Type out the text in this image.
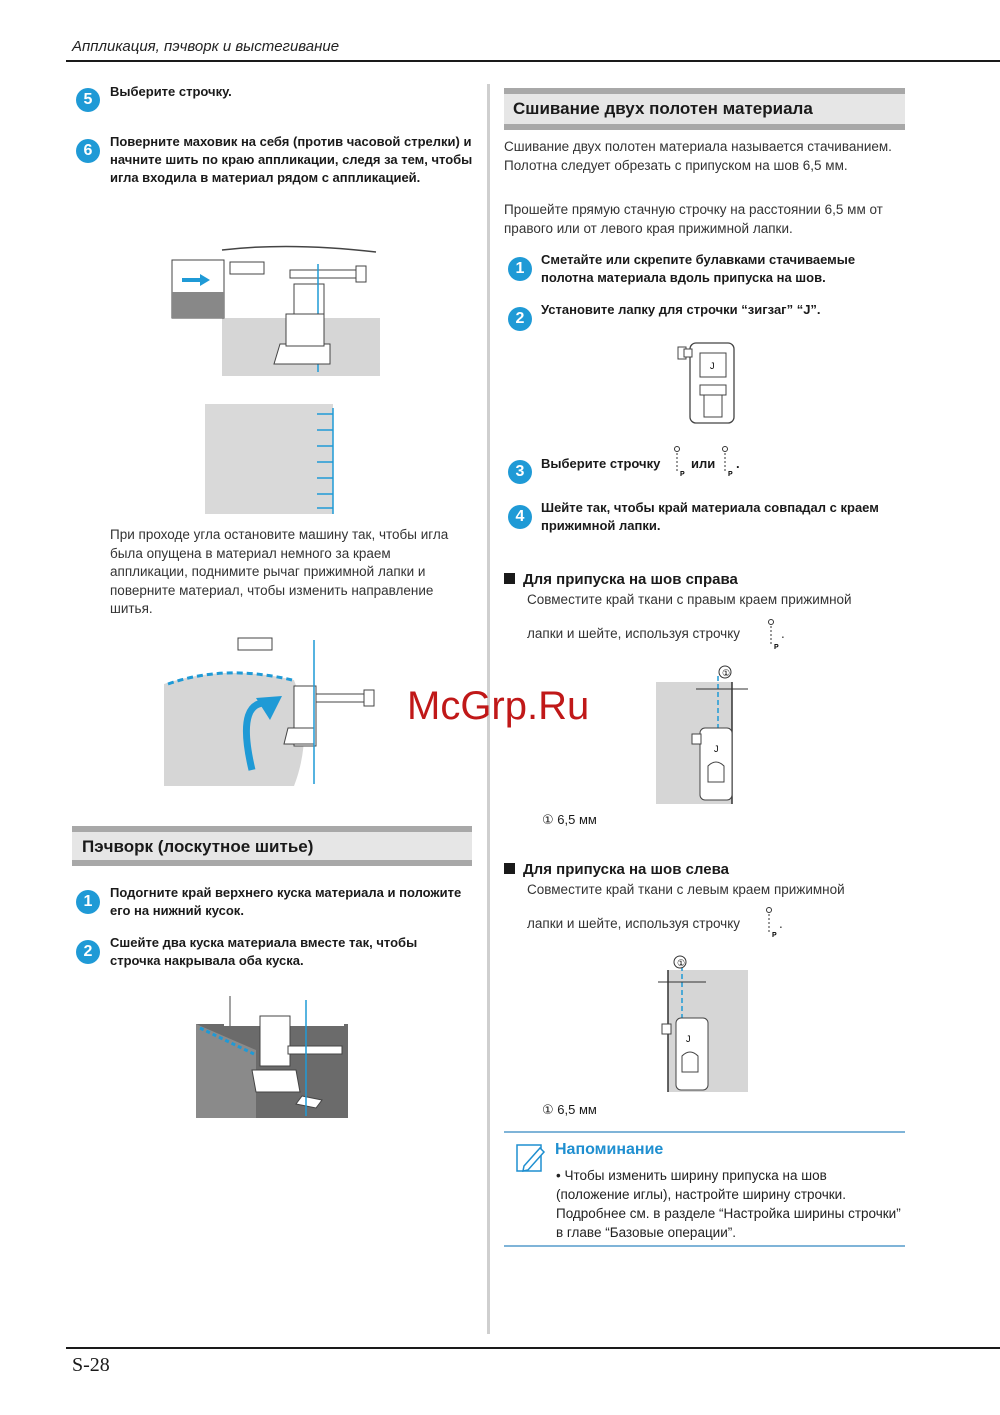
Аппликация, пэчворк и выстегивание
5	Выберите строчку.
6
Поверните маховик на себя (против часовой стрелки) и начните шить по краю аппликации, следя за тем, чтобы игла входила в материал рядом с аппликацией.
При проходе угла остановите машину так, чтобы игла была опущена в материал немного за краем аппликации, поднимите рычаг прижимной лапки и поверните материал, чтобы изменить направление шитья.
Пэчворк (лоскутное шитье)
1
Подогните край верхнего куска материала и положите его на нижний кусок.
2
Сшейте два куска материала вместе так, чтобы строчка накрывала оба куска.
Сшивание двух полотен материала
Сшивание двух полотен материала называется стачиванием. Полотна следует обрезать с припуском на шов 6,5 мм.
Прошейте прямую стачную строчку на расстоянии 6,5 мм от правого или от левого края прижимной лапки.
1
Сметайте или скрепите булавками стачиваемые полотна материала вдоль припуска на шов.
2
Установите лапку для строчки “зигзаг” “J”.
J
3	Выберите строчку
P
или
P
.
4
Шейте так, чтобы край материала совпадал с краем прижимной лапки.
Для припуска на шов справа
Совместите край ткани с правым краем прижимной
лапки и шейте, используя строчку
P
.
①
J
① 6,5 мм
Для припуска на шов слева
Совместите край ткани с левым краем прижимной
лапки и шейте, используя строчку
P
.
①
J
① 6,5 мм
Напоминание
• Чтобы изменить ширину припуска на шов (положение иглы), настройте ширину строчки. Подробнее см. в разделе “Настройка ширины строчки” в главе “Базовые операции”.
McGrp.Ru
S-28
